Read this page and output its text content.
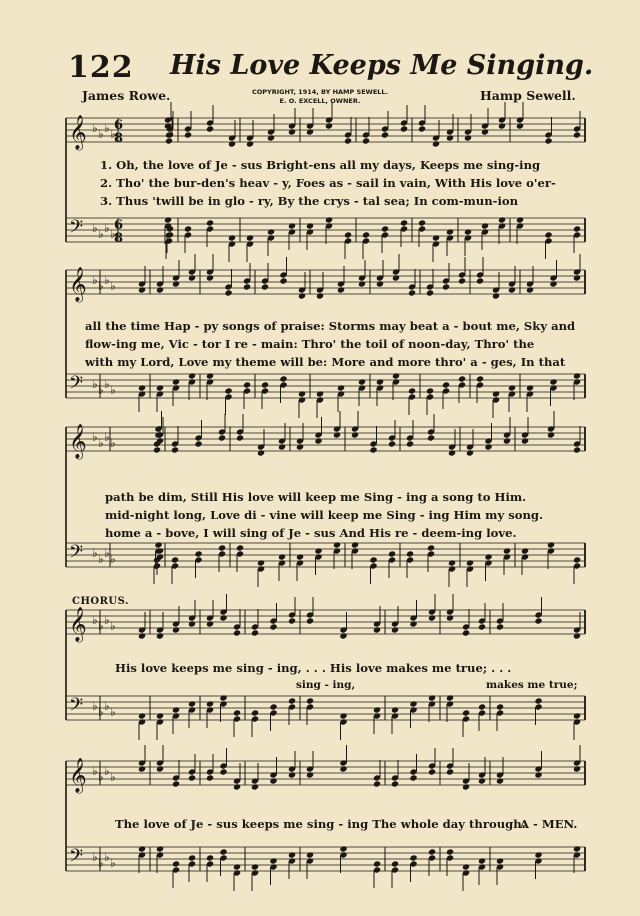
𝄞 ♭ ♭ ♭ ♭
𝄢 ♭ ♭ ♭ ♭
𝄞 ♭ ♭ ♭ ♭
𝄢 ♭ ♭ ♭ ♭
𝄞 ♭ ♭ ♭ ♭
𝄢 ♭ ♭ ♭ ♭
𝄞 ♭ ♭ ♭ ♭
𝄢 ♭ ♭ ♭ ♭
𝄞 ♭ ♭ ♭ ♭
𝄢 ♭ ♭ ♭ ♭
6
8
6
8
122 His Love Keeps Me Singing.
James Rowe.	COPYRIGHT, 1914, BY HAMP SEWELL.
E. O. EXCELL, OWNER.	Hamp Sewell.
1. Oh, the love of Je - sus Bright-ens all my days, Keeps me sing-ing
2. Tho' the bur-den's heav - y, Foes as - sail in vain, With His love o'er-
3. Thus 'twill be in glo - ry, By the crys - tal sea; In com-mun-ion
all the time Hap - py songs of praise: Storms may beat a - bout me, Sky and
flow-ing me, Vic - tor I re - main: Thro' the toil of noon-day, Thro' the
with my Lord, Love my theme will be: More and more thro' a - ges, In that
path be dim, Still His love will keep me Sing - ing a song to Him.
mid-night long, Love di - vine will keep me Sing - ing Him my song.
home a - bove, I will sing of Je - sus And His re - deem-ing love.
CHORUS.
His love keeps me sing - ing, . . . His love makes me true; . . .
sing - ing,	makes me true;
The love of Je - sus keeps me sing - ing The whole day through.
A - MEN.
